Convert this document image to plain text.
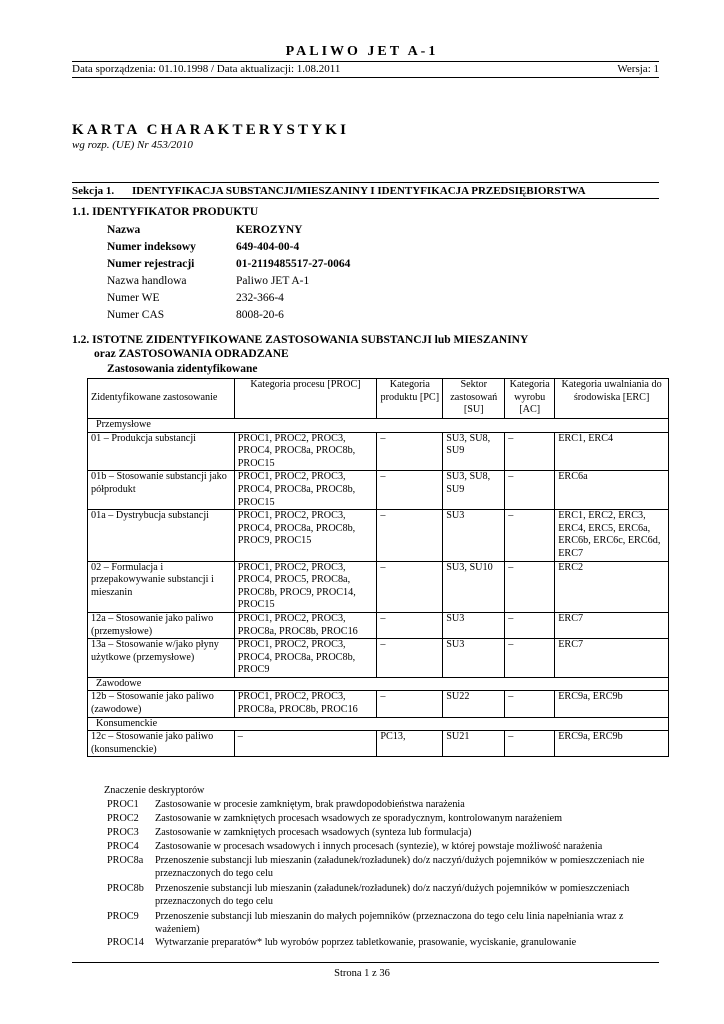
PALIWO JET A-1
Data sporządzenia: 01.10.1998 / Data aktualizacji: 1.08.2011	Wersja: 1
KARTA CHARAKTERYSTYKI
wg rozp. (UE) Nr 453/2010
Sekcja 1.	IDENTYFIKACJA SUBSTANCJI/MIESZANINY I IDENTYFIKACJA PRZEDSIĘBIORSTWA
1.1. IDENTYFIKATOR PRODUKTU
Nazwa	KEROZYNY
Numer indeksowy	649-404-00-4
Numer rejestracji	01-2119485517-27-0064
Nazwa handlowa	Paliwo JET A-1
Numer WE	232-366-4
Numer CAS	8008-20-6
1.2. ISTOTNE ZIDENTYFIKOWANE ZASTOSOWANIA SUBSTANCJI lub MIESZANINY
oraz ZASTOSOWANIA ODRADZANE
Zastosowania zidentyfikowane
Zidentyfikowane zastosowanie	Kategoria procesu [PROC]	Kategoria produktu [PC]	Sektor zastosowań [SU]	Kategoria wyrobu [AC]	Kategoria uwalniania do środowiska [ERC]
Przemysłowe					
01 – Produkcja substancji	PROC1, PROC2, PROC3, PROC4, PROC8a, PROC8b, PROC15	–	SU3, SU8, SU9	–	ERC1, ERC4
01b – Stosowanie substancji jako półprodukt	PROC1, PROC2, PROC3, PROC4, PROC8a, PROC8b, PROC15	–	SU3, SU8, SU9	–	ERC6a
01a – Dystrybucja substancji	PROC1, PROC2, PROC3, PROC4, PROC8a, PROC8b, PROC9, PROC15	–	SU3	–	ERC1, ERC2, ERC3, ERC4, ERC5, ERC6a, ERC6b, ERC6c, ERC6d, ERC7
02 – Formulacja i przepakowywanie substancji i mieszanin	PROC1, PROC2, PROC3, PROC4, PROC5, PROC8a, PROC8b, PROC9, PROC14, PROC15	–	SU3, SU10	–	ERC2
12a – Stosowanie jako paliwo (przemysłowe)	PROC1, PROC2, PROC3, PROC8a, PROC8b, PROC16	–	SU3	–	ERC7
13a – Stosowanie w/jako płyny użytkowe (przemysłowe)	PROC1, PROC2, PROC3, PROC4, PROC8a, PROC8b, PROC9	–	SU3	–	ERC7
Zawodowe					
12b – Stosowanie jako paliwo (zawodowe)	PROC1, PROC2, PROC3, PROC8a, PROC8b, PROC16	–	SU22	–	ERC9a, ERC9b
Konsumenckie					
12c – Stosowanie jako paliwo (konsumenckie)	–	PC13,	SU21	–	ERC9a, ERC9b
Znaczenie deskryptorów
PROC1	Zastosowanie w procesie zamkniętym, brak prawdopodobieństwa narażenia
PROC2	Zastosowanie w zamkniętych procesach wsadowych ze sporadycznym, kontrolowanym narażeniem
PROC3	Zastosowanie w zamkniętych procesach wsadowych (synteza lub formulacja)
PROC4	Zastosowanie w procesach wsadowych i innych procesach (syntezie), w której powstaje możliwość narażenia
PROC8a	Przenoszenie substancji lub mieszanin (załadunek/rozładunek) do/z naczyń/dużych pojemników w pomieszczeniach nie przeznaczonych do tego celu
PROC8b	Przenoszenie substancji lub mieszanin (załadunek/rozładunek) do/z naczyń/dużych pojemników w pomieszczeniach przeznaczonych do tego celu
PROC9	Przenoszenie substancji lub mieszanin do małych pojemników (przeznaczona do tego celu linia napełniania wraz z ważeniem)
PROC14	Wytwarzanie preparatów* lub wyrobów poprzez tabletkowanie, prasowanie, wyciskanie, granulowanie
Strona 1 z 36
